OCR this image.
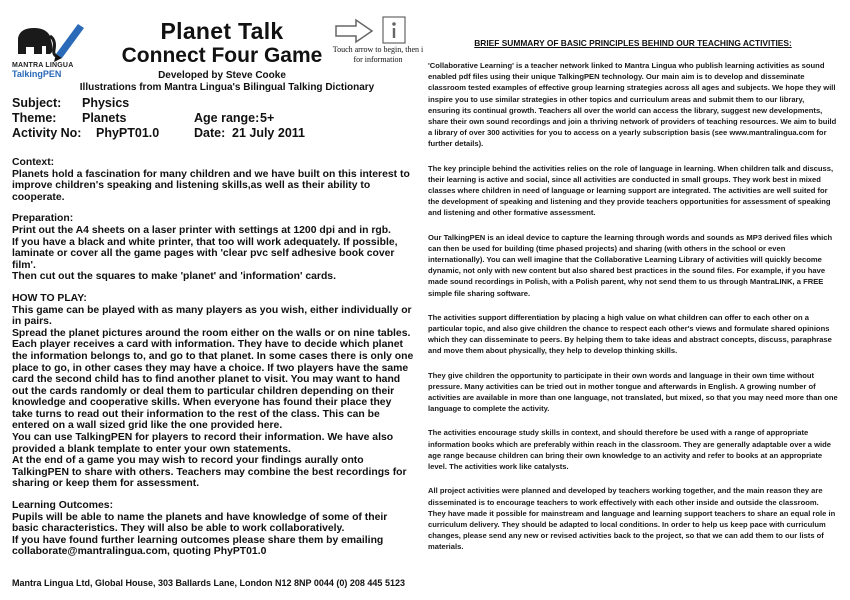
MANTRA LINGUA
TalkingPEN
Planet Talk
Connect Four Game
Developed by Steve Cooke
Illustrations from Mantra Lingua's Bilingual Talking Dictionary
Touch arrow to begin, then i for information
Subject:	Physics
Theme:	Planets	Age range: 5+
Activity No:	PhyPT01.0	Date: 21 July 2011

Context:

Planets hold a fascination for many children and we have built on this interest to improve children's speaking and listening skills,as well as their ability to cooperate.

Preparation:

Print out the A4 sheets on a laser printer with settings at 1200 dpi and in rgb.

If you have a black and white printer, that too will work adequately. If possible, laminate or cover all the game pages with 'clear pvc self adhesive book cover film'.

Then cut out the squares to make 'planet' and 'information' cards.

HOW TO PLAY:

This game can be played with as many players as you wish, either individually or in pairs.

Spread the planet pictures around the room either on the walls or on nine tables. Each player receives a card with information. They have to decide which planet the information belongs to, and go to that planet. In some cases there is only one place to go, in other cases they may have a choice. If two players have the same card the second child has to find another planet to visit. You may want to hand out the cards randomly or deal them to particular children depending on their knowledge and cooperative skills. When everyone has found their place they take turns to read out their information to the rest of the class. This can be entered on a wall sized grid like the one provided here.

You can use TalkingPEN for players to record their information. We have also provided a blank template to enter your own statements.

At the end of a game you may wish to record your findings aurally onto TalkingPEN to share with others. Teachers may combine the best recordings for sharing or keep them for assessment.

Learning Outcomes:

Pupils will be able to name the planets and have knowledge of some of their basic characteristics. They will also be able to work collaboratively.

If you have found further learning outcomes please share them by emailing collaborate@mantralingua.com, quoting PhyPT01.0

Mantra Lingua Ltd, Global House, 303 Ballards Lane, London N12 8NP 0044 (0) 208 445 5123
BRIEF SUMMARY OF BASIC PRINCIPLES BEHIND OUR TEACHING ACTIVITIES:

'Collaborative Learning' is a teacher network linked to Mantra Lingua who publish learning activities as sound enabled pdf files using their unique TalkingPEN technology. Our main aim is to develop and disseminate classroom tested examples of effective group learning strategies across all ages and subjects. We hope they will inspire you to use similar strategies in other topics and curriculum areas and submit them to our library, ensuring its continual growth. Teachers all over the world can access the library, suggest new developments, share their own sound recordings and join a thriving network of providers of teaching resources. We aim to build a library of over 300 activities for you to access on a yearly subscription basis (see www.mantralingua.com for further details).

The key principle behind the activities relies on the role of language in learning. When children talk and discuss, their learning is active and social, since all activities are conducted in small groups. They work best in mixed classes where children in need of language or learning support are integrated. The activities are well suited for the development of speaking and listening and they provide teachers opportunities for assessment of speaking and listening and other formative assessment.

Our TalkingPEN is an ideal device to capture the learning through words and sounds as MP3 derived files which can then be used for building (time phased projects) and sharing (with others in the school or even internationally). You can well imagine that the Collaborative Learning Library of activities will quickly become dynamic, not only with new content but also shared best practices in the sound files. For example, if you have made sound recordings in Polish, with a Polish parent, why not send them to us through MantraLINK, a FREE simple file sharing software.

The activities support differentiation by placing a high value on what children can offer to each other on a particular topic, and also give children the chance to respect each other's views and formulate shared opinions which they can disseminate to peers. By helping them to take ideas and abstract concepts, discuss, paraphrase and move them about physically, they help to develop thinking skills.

They give children the opportunity to participate in their own words and language in their own time without pressure. Many activities can be tried out in mother tongue and afterwards in English. A growing number of activities are available in more than one language, not translated, but mixed, so that you may need more than one language to complete the activity.

The activities encourage study skills in context, and should therefore be used with a range of appropriate information books which are preferably within reach in the classroom. They are generally adaptable over a wide age range because children can bring their own knowledge to an activity and refer to books at an appropriate level. The activities work like catalysts.

All project activities were planned and developed by teachers working together, and the main reason they are disseminated is to encourage teachers to work effectively with each other inside and outside the classroom. They have made it possible for mainstream and language and learning support teachers to share an equal role in curriculum delivery. They should be adapted to local conditions. In order to help us keep pace with curriculum changes, please send any new or revised activities back to the project, so that we can add them to our lists of materials.
